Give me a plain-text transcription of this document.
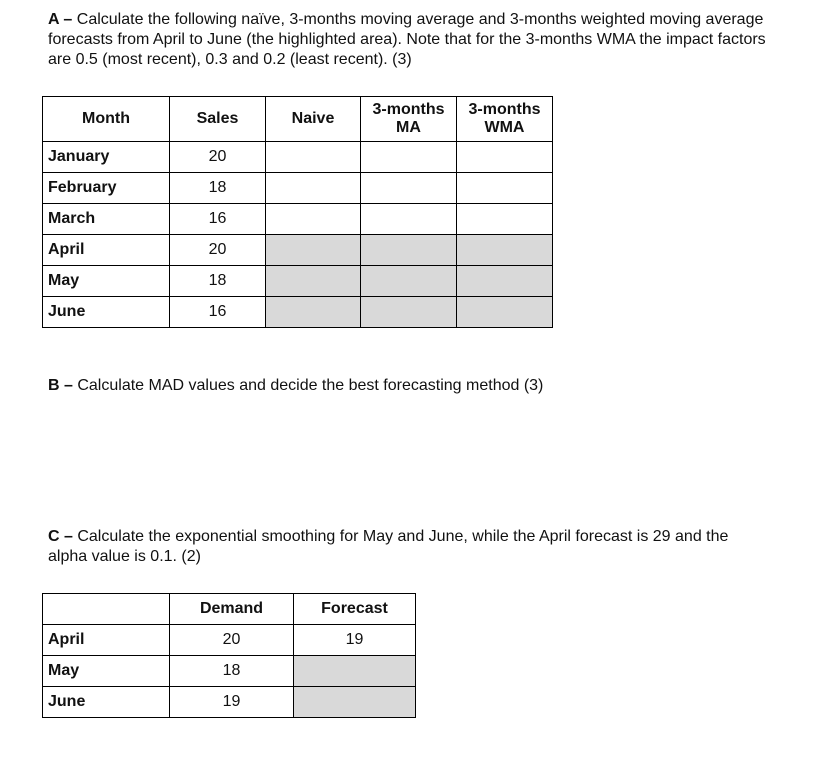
A – Calculate the following naïve, 3-months moving average and 3-months weighted moving average forecasts from April to June (the highlighted area). Note that for the 3-months WMA the impact factors are 0.5 (most recent), 0.3 and 0.2 (least recent). (3)

Month	Sales	Naive	3-months MA	3-months WMA
January	20			
February	18			
March	16			
April	20			
May	18			
June	16			

B – Calculate MAD values and decide the best forecasting method (3)

C – Calculate the exponential smoothing for May and June, while the April forecast is 29 and the alpha value is 0.1. (2)

	Demand	Forecast
April	20	19
May	18	
June	19	
